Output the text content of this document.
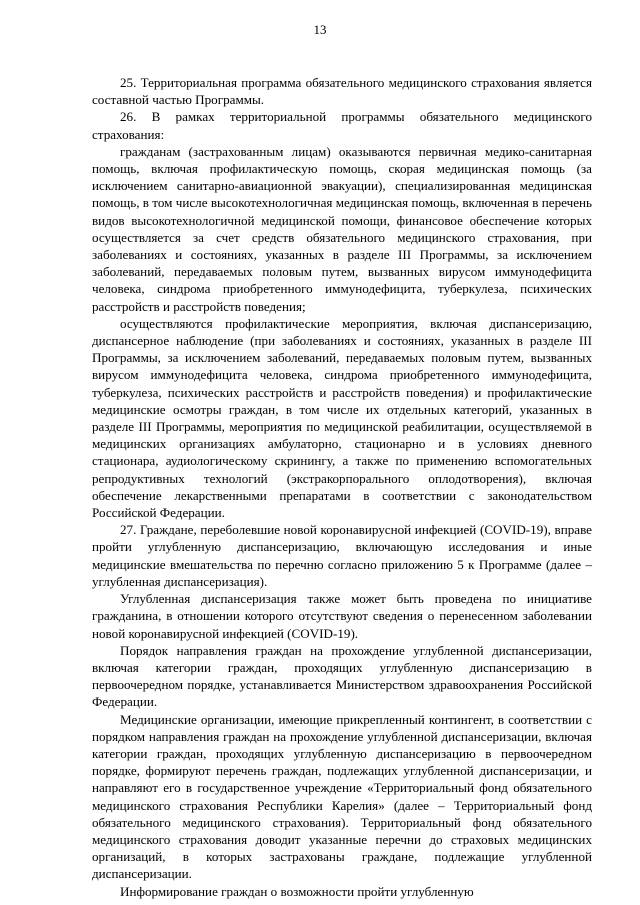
13

25. Территориальная программа обязательного медицинского страхования является составной частью Программы.

26. В рамках территориальной программы обязательного медицинского страхования:

гражданам (застрахованным лицам) оказываются первичная медико-санитарная помощь, включая профилактическую помощь, скорая медицинская помощь (за исключением санитарно-авиационной эвакуации), специализированная медицинская помощь, в том числе высокотехнологичная медицинская помощь, включенная в перечень видов высокотехнологичной медицинской помощи, финансовое обеспечение которых осуществляется за счет средств обязательного медицинского страхования, при заболеваниях и состояниях, указанных в разделе III Программы, за исключением заболеваний, передаваемых половым путем, вызванных вирусом иммунодефицита человека, синдрома приобретенного иммунодефицита, туберкулеза, психических расстройств и расстройств поведения;

осуществляются профилактические мероприятия, включая диспансеризацию, диспансерное наблюдение (при заболеваниях и состояниях, указанных в разделе III Программы, за исключением заболеваний, передаваемых половым путем, вызванных вирусом иммунодефицита человека, синдрома приобретенного иммунодефицита, туберкулеза, психических расстройств и расстройств поведения) и профилактические медицинские осмотры граждан, в том числе их отдельных категорий, указанных в разделе III Программы, мероприятия по медицинской реабилитации, осуществляемой в медицинских организациях амбулаторно, стационарно и в условиях дневного стационара, аудиологическому скринингу, а также по применению вспомогательных репродуктивных технологий (экстракорпорального оплодотворения), включая обеспечение лекарственными препаратами в соответствии с законодательством Российской Федерации.

27. Граждане, переболевшие новой коронавирусной инфекцией (COVID-19), вправе пройти углубленную диспансеризацию, включающую исследования и иные медицинские вмешательства по перечню согласно приложению 5 к Программе (далее – углубленная диспансеризация).

Углубленная диспансеризация также может быть проведена по инициативе гражданина, в отношении которого отсутствуют сведения о перенесенном заболевании новой коронавирусной инфекцией (COVID-19).

Порядок направления граждан на прохождение углубленной диспансеризации, включая категории граждан, проходящих углубленную диспансеризацию в первоочередном порядке, устанавливается Министерством здравоохранения Российской Федерации.

Медицинские организации, имеющие прикрепленный контингент, в соответствии с порядком направления граждан на прохождение углубленной диспансеризации, включая категории граждан, проходящих углубленную диспансеризацию в первоочередном порядке, формируют перечень граждан, подлежащих углубленной диспансеризации, и направляют его в государственное учреждение «Территориальный фонд обязательного медицинского страхования Республики Карелия» (далее – Территориальный фонд обязательного медицинского страхования). Территориальный фонд обязательного медицинского страхования доводит указанные перечни до страховых медицинских организаций, в которых застрахованы граждане, подлежащие углубленной диспансеризации.

Информирование граждан о возможности пройти углубленную
